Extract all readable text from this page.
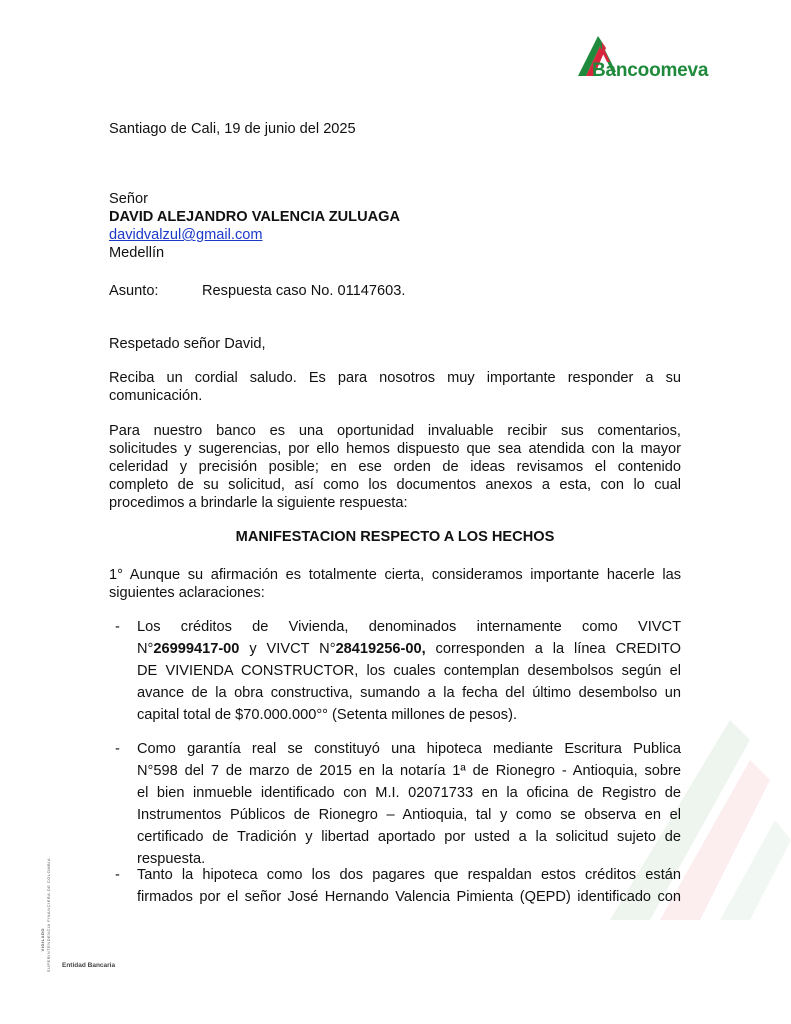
Bancoomeva
Santiago de Cali, 19 de junio del 2025
Señor
DAVID ALEJANDRO VALENCIA ZULUAGA
davidvalzul@gmail.com
Medellín
Asunto:	Respuesta caso No. 01147603.
Respetado señor David,
Reciba un cordial saludo. Es para nosotros muy importante responder a su
comunicación.
Para nuestro banco es una oportunidad invaluable recibir sus comentarios,
solicitudes y sugerencias, por ello hemos dispuesto que sea atendida con la mayor
celeridad y precisión posible; en ese orden de ideas revisamos el contenido
completo de su solicitud, así como los documentos anexos a esta, con lo cual
procedimos a brindarle la siguiente respuesta:
MANIFESTACION RESPECTO A LOS HECHOS
1° Aunque su afirmación es totalmente cierta, consideramos importante hacerle las
siguientes aclaraciones:
- Los créditos de Vivienda, denominados internamente como VIVCT
N°26999417-00 y VIVCT N°28419256-00, corresponden a la línea CREDITO
DE VIVIENDA CONSTRUCTOR, los cuales contemplan desembolsos según el
avance de la obra constructiva, sumando a la fecha del último desembolso un
capital total de $70.000.000°° (Setenta millones de pesos).
- Como garantía real se constituyó una hipoteca mediante Escritura Publica
N°598 del 7 de marzo de 2015 en la notaría 1ª de Rionegro - Antioquia, sobre
el bien inmueble identificado con M.I. 02071733 en la oficina de Registro de
Instrumentos Públicos de Rionegro – Antioquia, tal y como se observa en el
certificado de Tradición y libertad aportado por usted a la solicitud sujeto de
respuesta.
- Tanto la hipoteca como los dos pagares que respaldan estos créditos están
firmados por el señor José Hernando Valencia Pimienta (QEPD) identificado con
VIGILADO SUPERINTENDENCIA FINANCIERA DE COLOMBIA Entidad Bancaria
